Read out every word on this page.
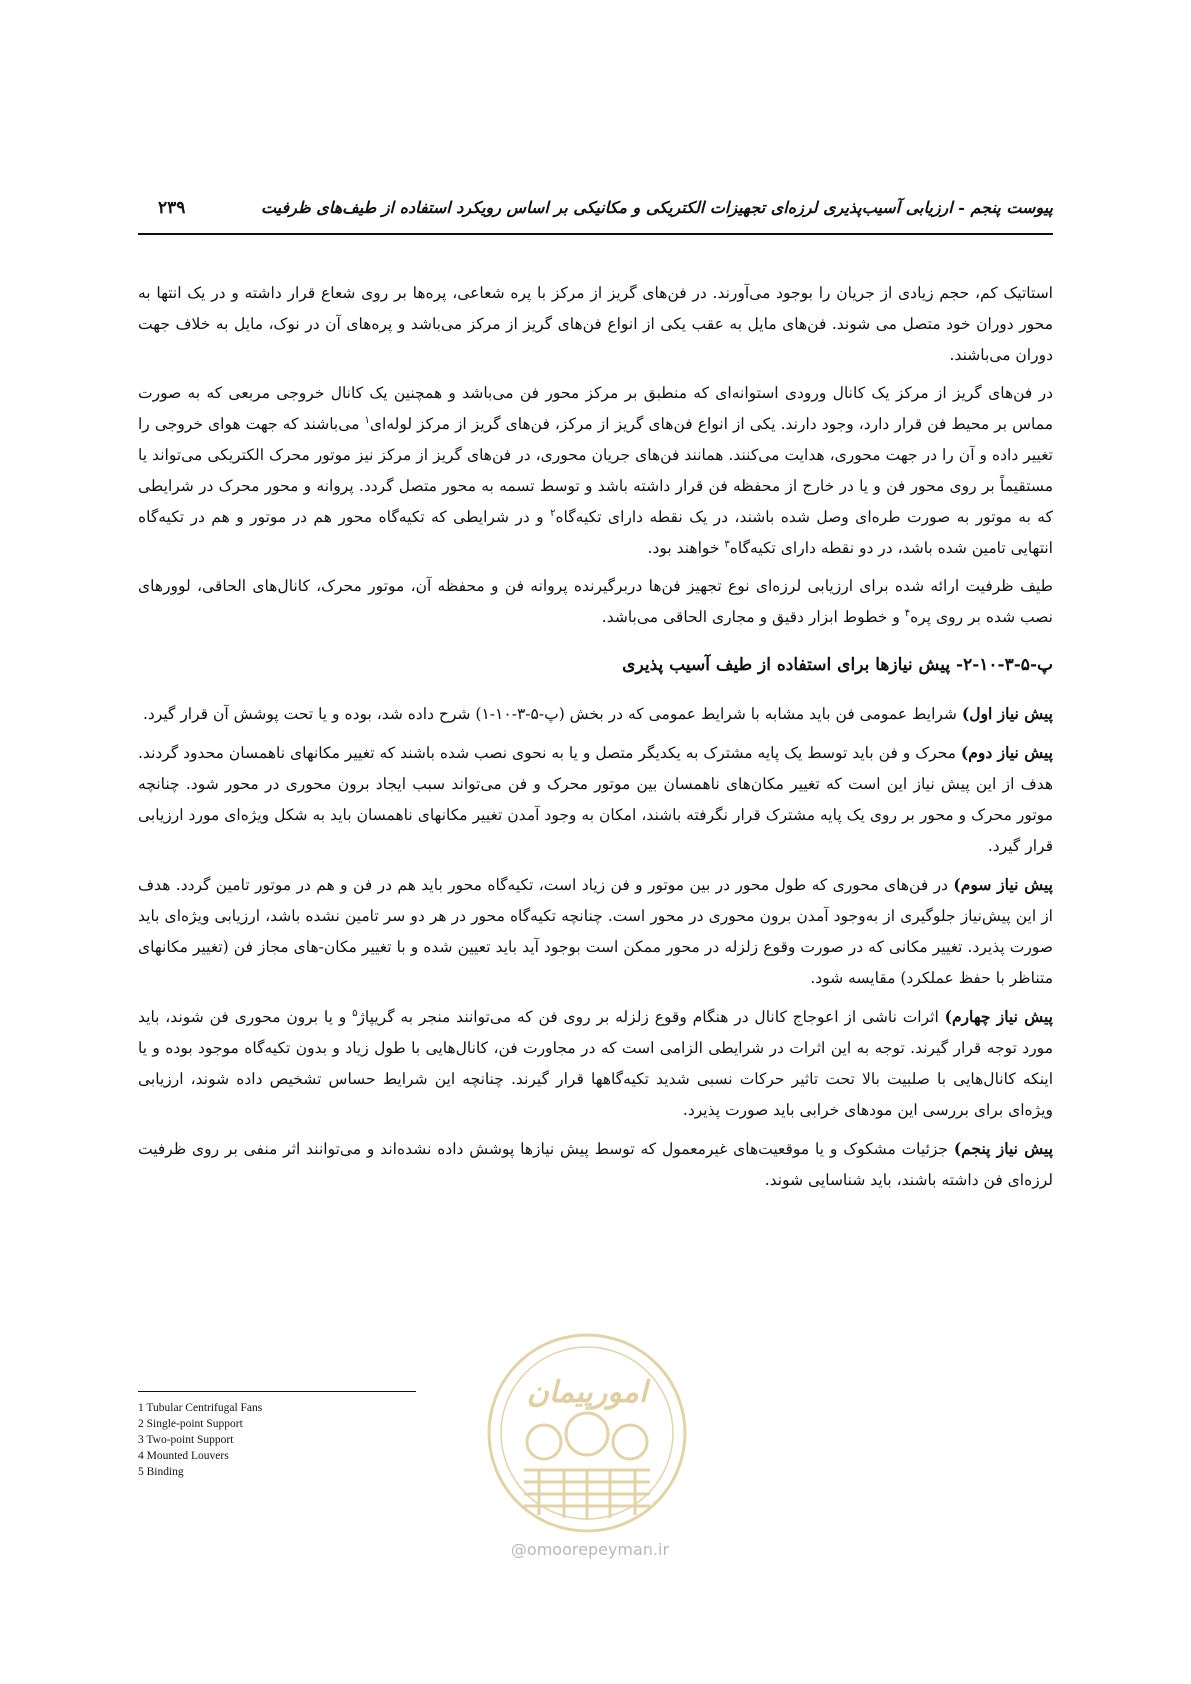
پیوست پنجم - ارزیابی آسیب‌پذیری لرزه‌ای تجهیزات الکتریکی و مکانیکی بر اساس رویکرد استفاده از طیف‌های ظرفیت
۲۳۹

استاتیک کم، حجم زیادی از جریان را بوجود می‌آورند. در فن‌های گریز از مرکز با پره شعاعی، پره‌ها بر روی شعاع قرار داشته و در یک انتها به محور دوران خود متصل می شوند. فن‌های مایل به عقب یکی از انواع فن‌های گریز از مرکز می‌باشد و پره‌های آن در نوک، مایل به خلاف جهت دوران می‌باشند.

در فن‌های گریز از مرکز یک کانال ورودی استوانه‌ای که منطبق بر مرکز محور فن می‌باشد و همچنین یک کانال خروجی مربعی که به صورت مماس بر محیط فن قرار دارد، وجود دارند. یکی از انواع فن‌های گریز از مرکز، فن‌های گریز از مرکز لوله‌ای$^۱$ می‌باشند که جهت هوای خروجی را تغییر داده و آن را در جهت محوری، هدایت می‌کنند. همانند فن‌های جریان محوری، در فن‌های گریز از مرکز نیز موتور محرک الکتریکی می‌تواند یا مستقیماً بر روی محور فن و یا در خارج از محفظه فن قرار داشته باشد و توسط تسمه به محور متصل گردد. پروانه و محور محرک در شرایطی که به موتور به صورت طره‌ای وصل شده باشند، در یک نقطه دارای تکیه‌گاه$^۲$ و در شرایطی که تکیه‌گاه محور هم در موتور و هم در تکیه‌گاه انتهایی تامین شده باشد، در دو نقطه دارای تکیه‌گاه$^۳$ خواهند بود.

طیف ظرفیت ارائه شده برای ارزیابی لرزه‌ای نوع تجهیز فن‌ها دربرگیرنده پروانه فن و محفظه آن، موتور محرک، کانال‌های الحاقی، لوورهای نصب شده بر روی پره$^۴$ و خطوط ابزار دقیق و مجاری الحاقی می‌باشد.

پ-۵-۳-۱۰-۲- پیش نیازها برای استفاده از طیف آسیب پذیری

پیش نیاز اول) شرایط عمومی فن باید مشابه با شرایط عمومی که در بخش (پ-۵-۳-۱۰-۱) شرح داده شد، بوده و یا تحت پوشش آن قرار گیرد.

پیش نیاز دوم) محرک و فن باید توسط یک پایه مشترک به یکدیگر متصل و یا به نحوی نصب شده باشند که تغییر مکانهای ناهمسان محدود گردند. هدف از این پیش نیاز این است که تغییر مکان‌های ناهمسان بین موتور محرک و فن می‌تواند سبب ایجاد برون محوری در محور شود. چنانچه موتور محرک و محور بر روی یک پایه مشترک قرار نگرفته باشند، امکان به وجود آمدن تغییر مکانهای ناهمسان باید به شکل ویژه‌ای مورد ارزیابی قرار گیرد.

پیش نیاز سوم) در فن‌های محوری که طول محور در بین موتور و فن زیاد است، تکیه‌گاه محور باید هم در فن و هم در موتور تامین گردد. هدف از این پیش‌نیاز جلوگیری از به‌وجود آمدن برون محوری در محور است. چنانچه تکیه‌گاه محور در هر دو سر تامین نشده باشد، ارزیابی ویژه‌ای باید صورت پذیرد. تغییر مکانی که در صورت وقوع زلزله در محور ممکن است بوجود آید باید تعیین شده و با تغییر مکان-های مجاز فن (تغییر مکانهای متناظر با حفظ عملکرد) مقایسه شود.

پیش نیاز چهارم) اثرات ناشی از اعوجاج کانال در هنگام وقوع زلزله بر روی فن که می‌توانند منجر به گریپاژ$^۵$ و یا برون محوری فن شوند، باید مورد توجه قرار گیرند. توجه به این اثرات در شرایطی الزامی است که در مجاورت فن، کانال‌هایی با طول زیاد و بدون تکیه‌گاه موجود بوده و یا اینکه کانال‌هایی با صلبیت بالا تحت تاثیر حرکات نسبی شدید تکیه‌گاهها قرار گیرند. چنانچه این شرایط حساس تشخیص داده شوند، ارزیابی ویژه‌ای برای بررسی این مودهای خرابی باید صورت پذیرد.

پیش نیاز پنجم) جزئیات مشکوک و یا موقعیت‌های غیرمعمول که توسط پیش نیازها پوشش داده نشده‌اند و می‌توانند اثر منفی بر روی ظرفیت لرزه‌ای فن داشته باشند، باید شناسایی شوند.

1 Tubular Centrifugal Fans
2 Single-point Support
3 Two-point Support
4 Mounted Louvers
5 Binding
امورپیمان
@omoorepeyman.ir
